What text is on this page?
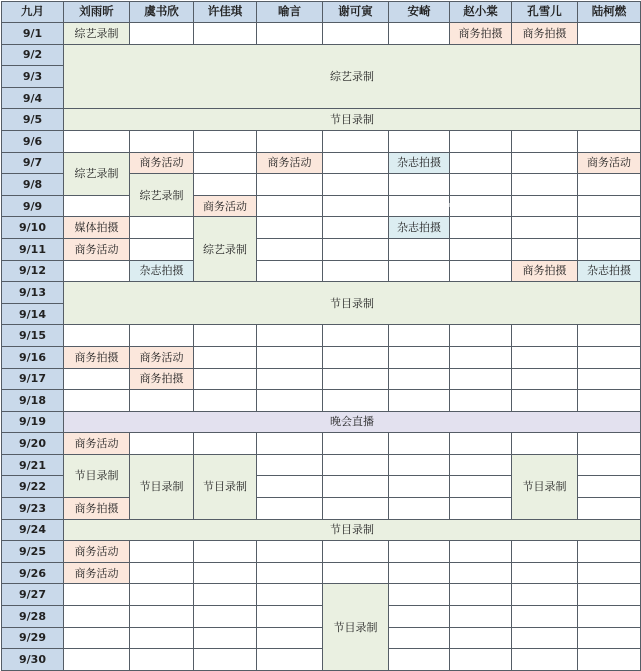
九月	刘雨昕	虞书欣	许佳琪	喻言	谢可寅	安崎	赵小棠	孔雪儿	陆柯燃
9/1	综艺录制						商务拍摄	商务拍摄	
9/2	综艺录制								
9/3									
9/4									
9/5	节目录制								
9/6									
9/7	综艺录制	商务活动		商务活动		杂志拍摄			商务活动
9/8		综艺录制							
9/9			商务活动						
9/10	媒体拍摄		综艺录制			杂志拍摄			
9/11	商务活动								
9/12		杂志拍摄						商务拍摄	杂志拍摄
9/13	节目录制								
9/14									
9/15									
9/16	商务拍摄	商务活动							
9/17		商务拍摄							
9/18									
9/19	晚会直播								
9/20	商务活动								
9/21	节目录制	节目录制	节目录制					节目录制	
9/22									
9/23	商务拍摄								
9/24	节目录制								
9/25	商务活动								
9/26	商务活动								
9/27					节目录制				
9/28									
9/29									
9/30									
